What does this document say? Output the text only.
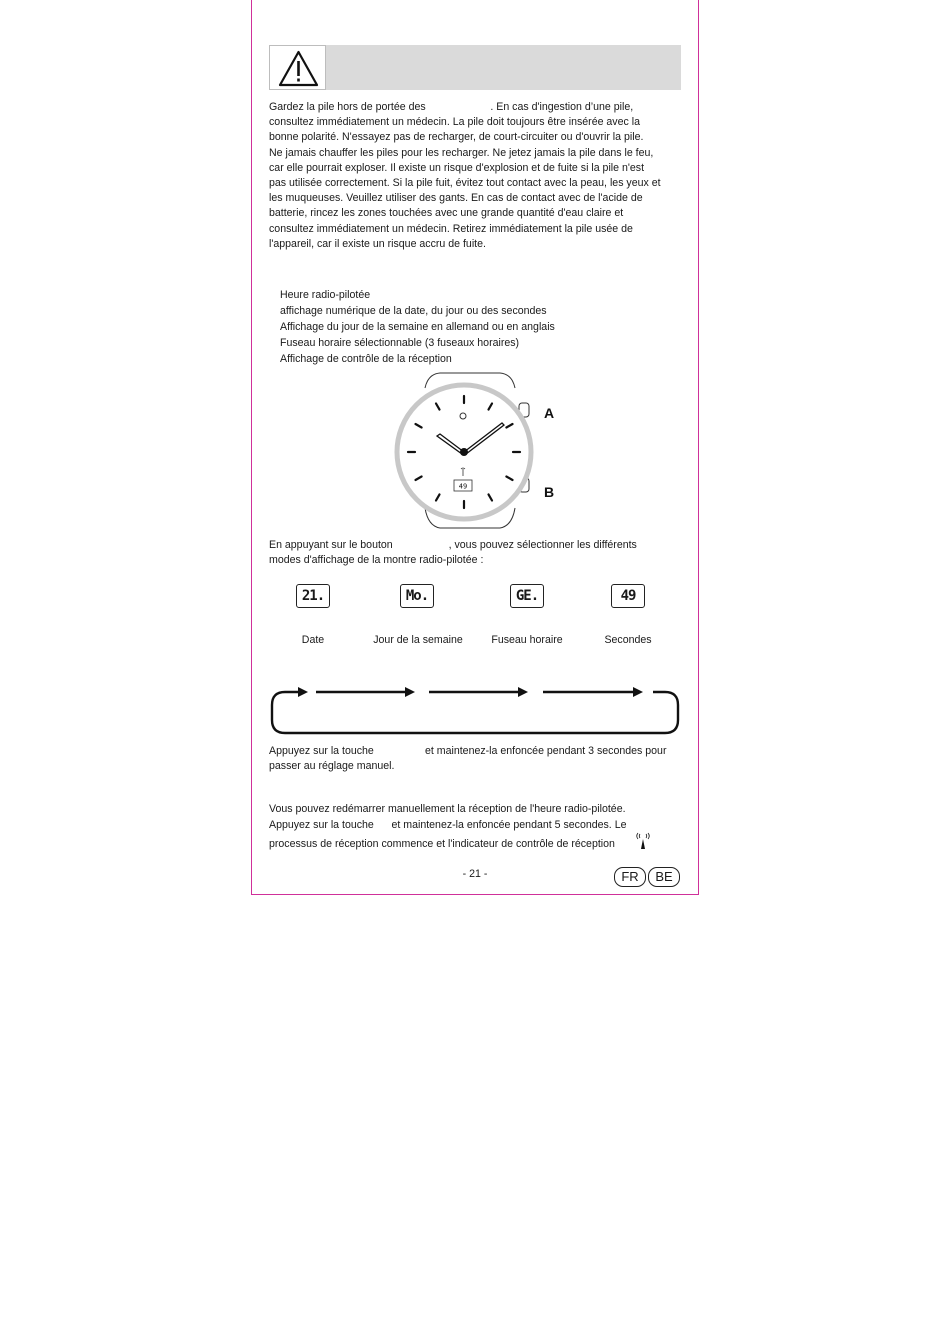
Gardez la pile hors de portée des                      . En cas d'ingestion d’une pile,
consultez immédiatement un médecin. La pile doit toujours être insérée avec la
bonne polarité. N'essayez pas de recharger, de court-circuiter ou d'ouvrir la pile.
Ne jamais chauffer les piles pour les recharger. Ne jetez jamais la pile dans le feu,
car elle pourrait exploser. Il existe un risque d'explosion et de fuite si la pile n'est
pas utilisée correctement. Si la pile fuit, évitez tout contact avec la peau, les yeux et
les muqueuses. Veuillez utiliser des gants. En cas de contact avec de l'acide de
batterie, rincez les zones touchées avec une grande quantité d'eau claire et
consultez immédiatement un médecin. Retirez immédiatement la pile usée de
l'appareil, car il existe un risque accru de fuite.
Heure radio-pilotée
affichage numérique de la date, du jour ou des secondes
Affichage du jour de la semaine en allemand ou en anglais
Fuseau horaire sélectionnable (3 fuseaux horaires)
Affichage de contrôle de la réception
49
A
B
En appuyant sur le bouton                   , vous pouvez sélectionner les différents
modes d'affichage de la montre radio-pilotée :
21.	Mo.	GE.	49
Date	Jour de la semaine	Fuseau horaire	Secondes
Appuyez sur la touche	et maintenez-la enfoncée pendant 3 secondes pour
passer au réglage manuel.
Vous pouvez redémarrer manuellement la réception de l'heure radio-pilotée.
Appuyez sur la touche      et maintenez-la enfoncée pendant 5 secondes. Le
processus de réception commence et l'indicateur de contrôle de réception
- 21 -	FR	BE
